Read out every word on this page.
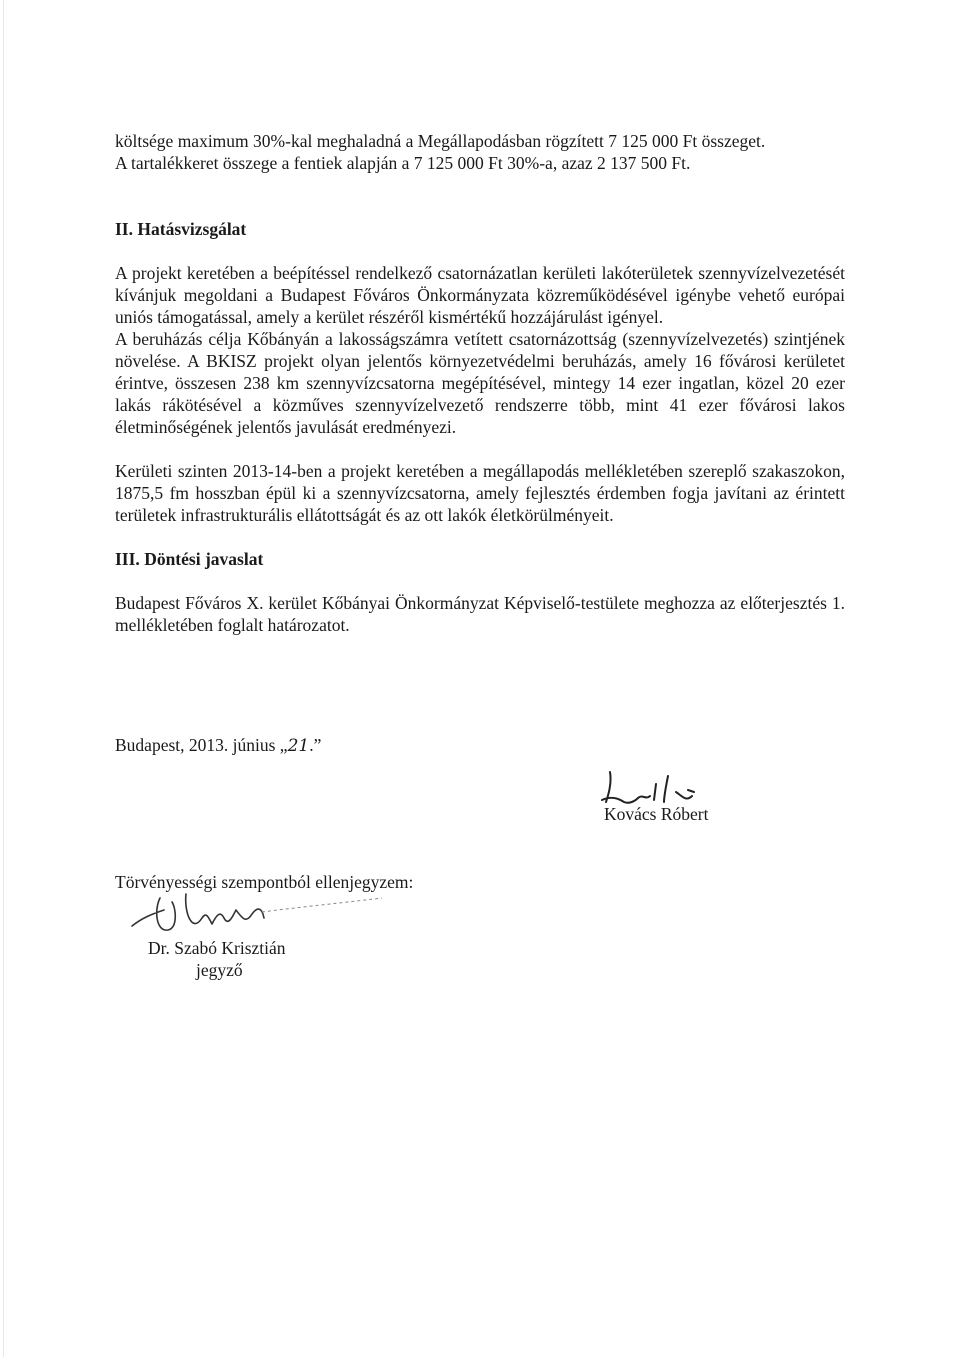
költsége maximum 30%-kal meghaladná a Megállapodásban rögzített 7 125 000 Ft összeget.

A tartalékkeret összege a fentiek alapján a 7 125 000 Ft 30%-a, azaz 2 137 500 Ft.

II. Hatásvizsgálat

A projekt keretében a beépítéssel rendelkező csatornázatlan kerületi lakóterületek szennyvízelvezetését kívánjuk megoldani a Budapest Főváros Önkormányzata közreműködésével igénybe vehető európai uniós támogatással, amely a kerület részéről kismértékű hozzájárulást igényel.

A beruházás célja Kőbányán a lakosságszámra vetített csatornázottság (szennyvízelvezetés) szintjének növelése. A BKISZ projekt olyan jelentős környezetvédelmi beruházás, amely 16 fővárosi kerületet érintve, összesen 238 km szennyvízcsatorna megépítésével, mintegy 14 ezer ingatlan, közel 20 ezer lakás rákötésével a közműves szennyvízelvezető rendszerre több, mint 41 ezer fővárosi lakos életminőségének jelentős javulását eredményezi.

Kerületi szinten 2013-14-ben a projekt keretében a megállapodás mellékletében szereplő szakaszokon, 1875,5 fm hosszban épül ki a szennyvízcsatorna, amely fejlesztés érdemben fogja javítani az érintett területek infrastrukturális ellátottságát és az ott lakók életkörülményeit.

III. Döntési javaslat

Budapest Főváros X. kerület Kőbányai Önkormányzat Képviselő-testülete meghozza az előterjesztés 1. mellékletében foglalt határozatot.

Budapest, 2013. június „21.”
Kovács Róbert
Törvényességi szempontból ellenjegyzem:
Dr. Szabó Krisztián
jegyző
